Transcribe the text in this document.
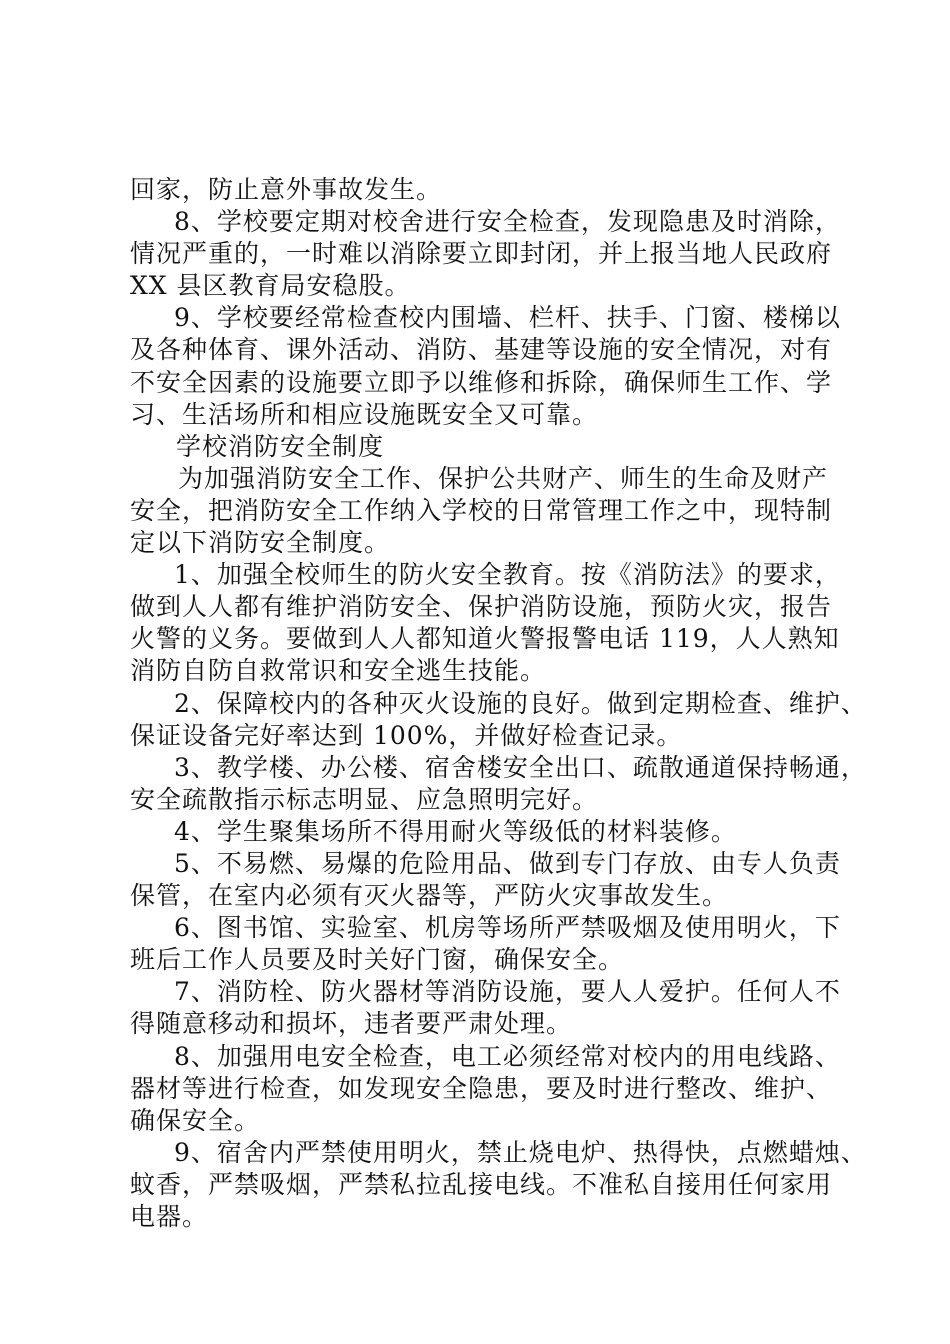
回家，防止意外事故发生。
8、学校要定期对校舍进行安全检查，发现隐患及时消除，
情况严重的，一时难以消除要立即封闭，并上报当地人民政府
XX 县区教育局安稳股。
9、学校要经常检查校内围墙、栏杆、扶手、门窗、楼梯以
及各种体育、课外活动、消防、基建等设施的安全情况，对有
不安全因素的设施要立即予以维修和拆除，确保师生工作、学
习、生活场所和相应设施既安全又可靠。
学校消防安全制度
为加强消防安全工作、保护公共财产、师生的生命及财产
安全，把消防安全工作纳入学校的日常管理工作之中，现特制
定以下消防安全制度。
1、加强全校师生的防火安全教育。按《消防法》的要求，
做到人人都有维护消防安全、保护消防设施，预防火灾，报告
火警的义务。要做到人人都知道火警报警电话 119，人人熟知
消防自防自救常识和安全逃生技能。
2、保障校内的各种灭火设施的良好。做到定期检查、维护、
保证设备完好率达到 100%，并做好检查记录。
3、教学楼、办公楼、宿舍楼安全出口、疏散通道保持畅通，
安全疏散指示标志明显、应急照明完好。
4、学生聚集场所不得用耐火等级低的材料装修。
5、不易燃、易爆的危险用品、做到专门存放、由专人负责
保管，在室内必须有灭火器等，严防火灾事故发生。
6、图书馆、实验室、机房等场所严禁吸烟及使用明火，下
班后工作人员要及时关好门窗，确保安全。
7、消防栓、防火器材等消防设施，要人人爱护。任何人不
得随意移动和损坏，违者要严肃处理。
8、加强用电安全检查，电工必须经常对校内的用电线路、
器材等进行检查，如发现安全隐患，要及时进行整改、维护、
确保安全。
9、宿舍内严禁使用明火，禁止烧电炉、热得快，点燃蜡烛、
蚊香，严禁吸烟，严禁私拉乱接电线。不准私自接用任何家用
电器。
